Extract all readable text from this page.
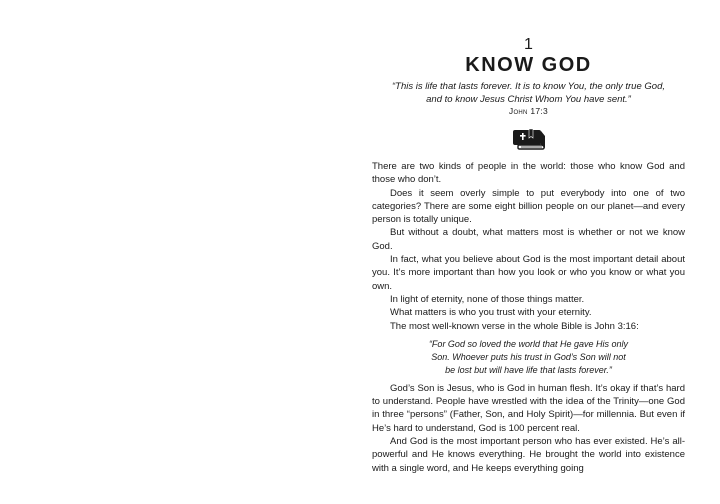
1
KNOW GOD
“This is life that lasts forever. It is to know You, the only true God, and to know Jesus Christ Whom You have sent.”
John 17:3

There are two kinds of people in the world: those who know God and those who don’t.

Does it seem overly simple to put everybody into one of two categories? There are some eight billion people on our planet—and every person is totally unique.

But without a doubt, what matters most is whether or not we know God.

In fact, what you believe about God is the most important detail about you. It’s more important than how you look or who you know or what you own.

In light of eternity, none of those things matter.

What matters is who you trust with your eternity.

The most well-known verse in the whole Bible is John 3:16:

“For God so loved the world that He gave His only
Son. Whoever puts his trust in God’s Son will not
be lost but will have life that lasts forever.”

God’s Son is Jesus, who is God in human flesh. It’s okay if that’s hard to understand. People have wrestled with the idea of the Trinity—one God in three “persons” (Father, Son, and Holy Spirit)—for millennia. But even if He’s hard to understand, God is 100 percent real.

And God is the most important person who has ever existed. He’s all-powerful and He knows everything. He brought the world into existence with a single word, and He keeps everything going
